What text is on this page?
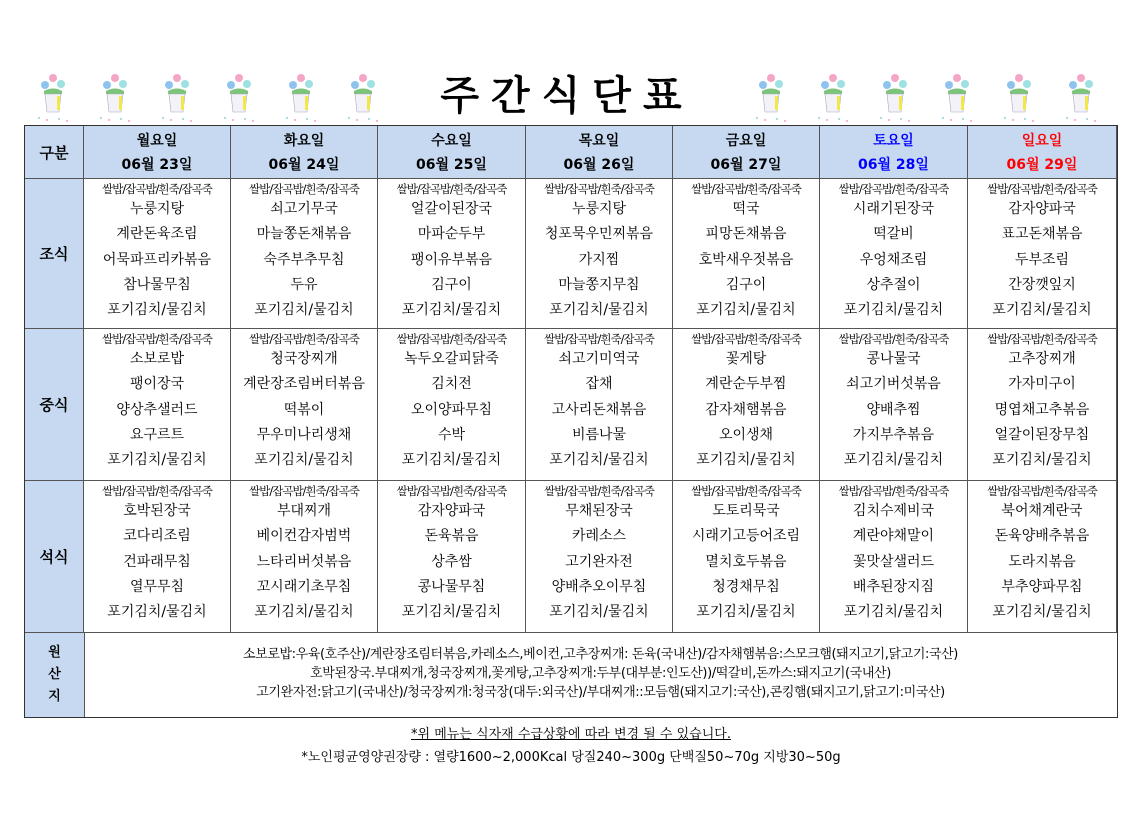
주간식단표
구분
원
산
지
소보로밥:우육(호주산)/계란장조림터볶음,카레소스,베이컨,고추장찌개: 돈육(국내산)/감자채햄볶음:스모크햄(돼지고기,닭고기:국산)
호박된장국.부대찌개,청국장찌개,꽃게탕,고추장찌개:두부(대부분:인도산))/떡갈비,돈까스:돼지고기(국내산)
고기완자전:닭고기(국내산)/청국장찌개:청국장(대두:외국산)/부대찌개::모듬햄(돼지고기:국산),콘킹햄(돼지고기,닭고기:미국산)
월요일
06월 23일
화요일
06월 24일
수요일
06월 25일
목요일
06월 26일
금요일
06월 27일
토요일
06월 28일
일요일
06월 29일
조식
쌀밥/잡곡밥/흰죽/잡곡죽
누룽지탕
계란돈육조림
어묵파프리카볶음
참나물무침
포기김치/물김치
쌀밥/잡곡밥/흰죽/잡곡죽
쇠고기무국
마늘쫑돈채볶음
숙주부추무침
두유
포기김치/물김치
쌀밥/잡곡밥/흰죽/잡곡죽
얼갈이된장국
마파순두부
팽이유부볶음
김구이
포기김치/물김치
쌀밥/잡곡밥/흰죽/잡곡죽
누룽지탕
청포묵우민찌볶음
가지찜
마늘쫑지무침
포기김치/물김치
쌀밥/잡곡밥/흰죽/잡곡죽
떡국
피망돈채볶음
호박새우젓볶음
김구이
포기김치/물김치
쌀밥/잡곡밥/흰죽/잡곡죽
시래기된장국
떡갈비
우엉채조림
상추절이
포기김치/물김치
쌀밥/잡곡밥/흰죽/잡곡죽
감자양파국
표고돈채볶음
두부조림
간장깻잎지
포기김치/물김치
중식
쌀밥/잡곡밥/흰죽/잡곡죽
소보로밥
팽이장국
양상추샐러드
요구르트
포기김치/물김치
쌀밥/잡곡밥/흰죽/잡곡죽
청국장찌개
계란장조림버터볶음
떡볶이
무우미나리생채
포기김치/물김치
쌀밥/잡곡밥/흰죽/잡곡죽
녹두오갈피닭죽
김치전
오이양파무침
수박
포기김치/물김치
쌀밥/잡곡밥/흰죽/잡곡죽
쇠고기미역국
잡채
고사리돈채볶음
비름나물
포기김치/물김치
쌀밥/잡곡밥/흰죽/잡곡죽
꽃게탕
계란순두부찜
감자채햄볶음
오이생채
포기김치/물김치
쌀밥/잡곡밥/흰죽/잡곡죽
콩나물국
쇠고기버섯볶음
양배추찜
가지부추볶음
포기김치/물김치
쌀밥/잡곡밥/흰죽/잡곡죽
고추장찌개
가자미구이
명엽채고추볶음
얼갈이된장무침
포기김치/물김치
석식
쌀밥/잡곡밥/흰죽/잡곡죽
호박된장국
코다리조림
건파래무침
열무무침
포기김치/물김치
쌀밥/잡곡밥/흰죽/잡곡죽
부대찌개
베이컨감자범벅
느타리버섯볶음
꼬시래기초무침
포기김치/물김치
쌀밥/잡곡밥/흰죽/잡곡죽
감자양파국
돈육볶음
상추쌈
콩나물무침
포기김치/물김치
쌀밥/잡곡밥/흰죽/잡곡죽
무채된장국
카레소스
고기완자전
양배추오이무침
포기김치/물김치
쌀밥/잡곡밥/흰죽/잡곡죽
도토리묵국
시래기고등어조림
멸치호두볶음
청경채무침
포기김치/물김치
쌀밥/잡곡밥/흰죽/잡곡죽
김치수제비국
계란야채말이
꽃맛살샐러드
배추된장지짐
포기김치/물김치
쌀밥/잡곡밥/흰죽/잡곡죽
북어채계란국
돈육양배추볶음
도라지볶음
부추양파무침
포기김치/물김치
*위 메뉴는 식자재 수급상황에 따라 변경 될 수 있습니다.
*노인평균영양권장량 : 열량1600~2,000Kcal 당질240~300g 단백질50~70g 지방30~50g
